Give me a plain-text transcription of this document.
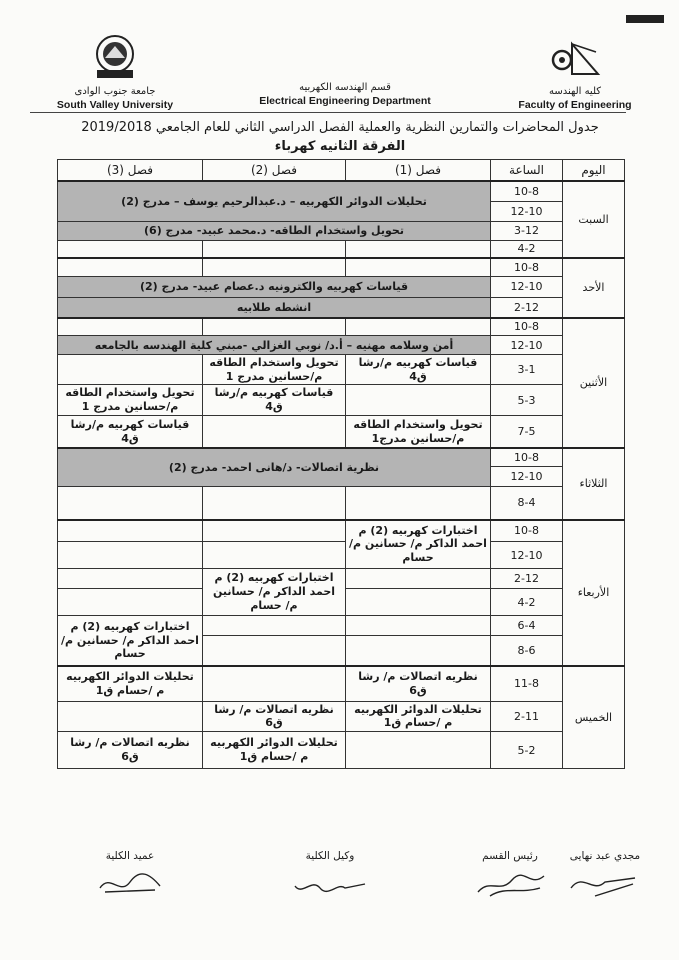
جامعة جنوب الوادى
South Valley University
قسم الهندسه الكهربيه
Electrical Engineering Department
كليه الهندسه
Faculty of Engineering
جدول المحاضرات والتمارين النظرية والعملية الفصل الدراسي الثاني للعام الجامعي 2019/2018
الفرقة الثانيه كهرباء
اليوم	الساعة	فصل (1)	فصل (2)	فصل (3)
السبت	10-8	تحليلات الدوائر الكهربيه – د.عبدالرحيم يوسف – مدرج (2)		
	12-10			
	3-12	تحويل واستخدام الطاقه- د.محمد عبيد- مدرج (6)		
	4-2			
الأحد	10-8			
	12-10	قياسات كهربيه والكترونيه د.عصام عبيد- مدرج (2)		
	2-12	انشطه طلابيه		
الأثنين	10-8			
	12-10	أمن وسلامه مهنيه – أ.د/ نوبي الغزالي -مبني كلية الهندسه بالجامعه		
	3-1	قياسات كهربيه م/رشا ق4	تحويل واستخدام الطاقه م/حسانين مدرج 1	
	5-3		قياسات كهربيه م/رشا ق4	تحويل واستخدام الطاقه م/حسانين مدرج 1
	7-5	تحويل واستخدام الطاقه م/حسانين مدرج1		قياسات كهربيه م/رشا ق4
الثلاثاء	10-8	نظرية اتصالات- د/هانى احمد- مدرج (2)		
	12-10			
	8-4			
الأربعاء	10-8	اختبارات كهربيه (2) م احمد الداكر م/ حسانين م/ حسام		
	12-10			
	2-12		اختبارات كهربيه (2) م احمد الداكر م/ حسانين م/ حسام	
	4-2			
	6-4			اختبارات كهربيه (2) م احمد الداكر م/ حسانين م/ حسام
	8-6			
الخميس	11-8	نظريه اتصالات م/ رشا ق6		تحليلات الدوائر الكهربيه م /حسام ق1
	2-11	تحليلات الدوائر الكهربيه م /حسام ق1	نظريه اتصالات م/ رشا ق6	
	5-2		تحليلات الدوائر الكهربيه م /حسام ق1	نظريه اتصالات م/ رشا ق6
عميد الكلية	وكيل الكلية	رئيس القسم	مجدي عبد نهايى
